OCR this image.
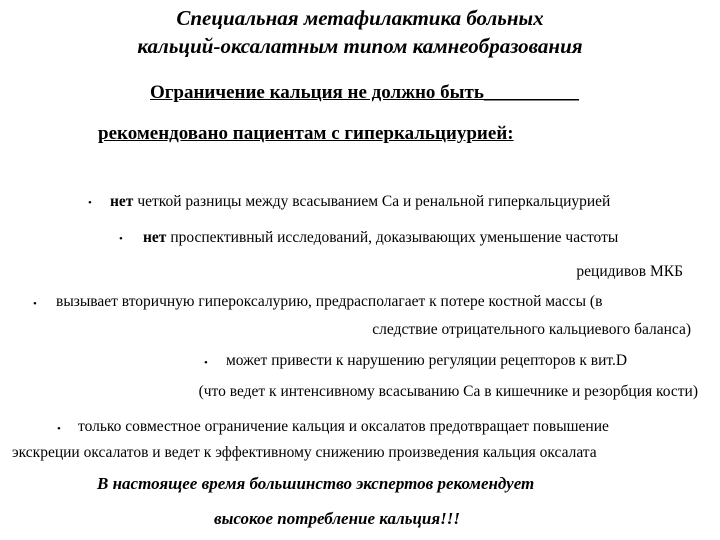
Специальная метафилактика больных
кальций-оксалатным типом камнеобразования
Ограничение кальция не должно быть__________
рекомендовано пациентам с гиперкальциурией:
• нет четкой разницы между всасыванием Ca и ренальной гиперкальциурией
• нет проспективный исследований, доказывающих уменьшение частоты
рецидивов МКБ
• вызывает вторичную гипероксалурию, предрасполагает к потере костной массы (в
следствие отрицательного кальциевого баланса)
• может привести к нарушению регуляции рецепторов к вит.D
(что ведет к интенсивному всасыванию Ca в кишечнике и резорбция кости)
• только совместное ограничение кальция и оксалатов предотвращает повышение
экскреции оксалатов и ведет к эффективному снижению произведения кальция оксалата
В настоящее время большинство экспертов рекомендует
высокое потребление кальция!!!
